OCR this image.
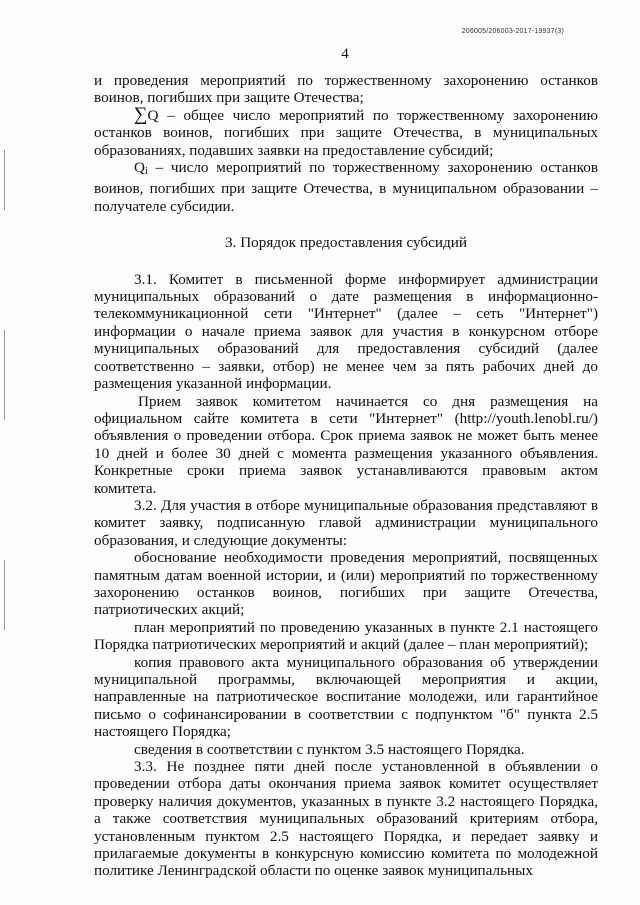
206005/206003-2017-19937(3)
4

и проведения мероприятий по торжественному захоронению останков воинов, погибших при защите Отечества;

∑Q – общее число мероприятий по торжественному захоронению останков воинов, погибших при защите Отечества, в муниципальных образованиях, подавших заявки на предоставление субсидий;

$Q_i$ – число мероприятий по торжественному захоронению останков воинов, погибших при защите Отечества, в муниципальном образовании – получателе субсидии.

3. Порядок предоставления субсидий

3.1. Комитет в письменной форме информирует администрации муниципальных образований о дате размещения в информационно-телекоммуникационной сети "Интернет" (далее – сеть "Интернет") информации о начале приема заявок для участия в конкурсном отборе муниципальных образований для предоставления субсидий (далее соответственно – заявки, отбор) не менее чем за пять рабочих дней до размещения указанной информации.

Прием заявок комитетом начинается со дня размещения на официальном сайте комитета в сети "Интернет" (http://youth.lenobl.ru/) объявления о проведении отбора. Срок приема заявок не может быть менее 10 дней и более 30 дней с момента размещения указанного объявления. Конкретные сроки приема заявок устанавливаются правовым актом комитета.

3.2. Для участия в отборе муниципальные образования представляют в комитет заявку, подписанную главой администрации муниципального образования, и следующие документы:

обоснование необходимости проведения мероприятий, посвященных памятным датам военной истории, и (или) мероприятий по торжественному захоронению останков воинов, погибших при защите Отечества, патриотических акций;

план мероприятий по проведению указанных в пункте 2.1 настоящего Порядка патриотических мероприятий и акций (далее – план мероприятий);

копия правового акта муниципального образования об утверждении муниципальной программы, включающей мероприятия и акции, направленные на патриотическое воспитание молодежи, или гарантийное письмо о софинансировании в соответствии с подпунктом "б" пункта 2.5 настоящего Порядка;

сведения в соответствии с пунктом 3.5 настоящего Порядка.

3.3. Не позднее пяти дней после установленной в объявлении о проведении отбора даты окончания приема заявок комитет осуществляет проверку наличия документов, указанных в пункте 3.2 настоящего Порядка, а также соответствия муниципальных образований критериям отбора, установленным пунктом 2.5 настоящего Порядка, и передает заявку и прилагаемые документы в конкурсную комиссию комитета по молодежной политике Ленинградской области по оценке заявок муниципальных
